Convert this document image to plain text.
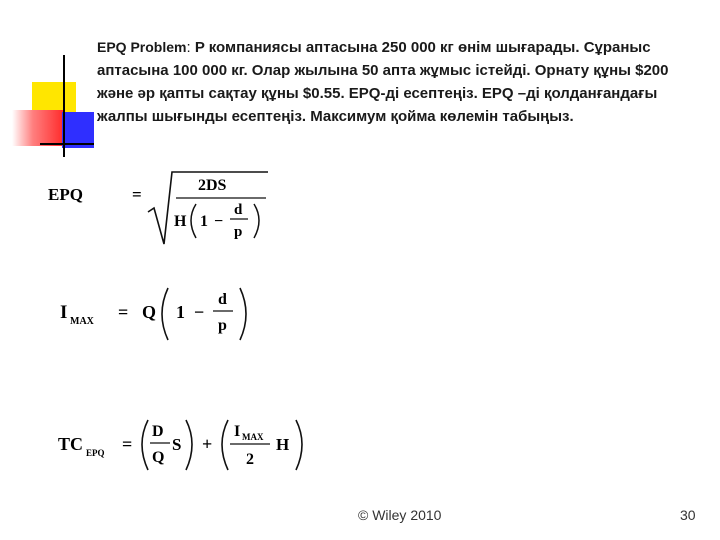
EPQ Problem: P компаниясы аптасына 250 000 кг өнім шығарады. Сұраныс аптасына 100 000 кг. Олар жылына 50 апта жұмыс істейді. Орнату құны $200 және әр қапты сақтау құны $0.55. EPQ-ді есептеңіз. EPQ –ді қолданғандағы жалпы шығынды есептеңіз. Максимум қойма көлемін табыңыз.
EPQ	=	2DS
H 1 −
d
p
I MAX = Q 1 −
d
p
TC EPQ =
D
Q
S +
I MAX
2
H
© Wiley 2010	30
